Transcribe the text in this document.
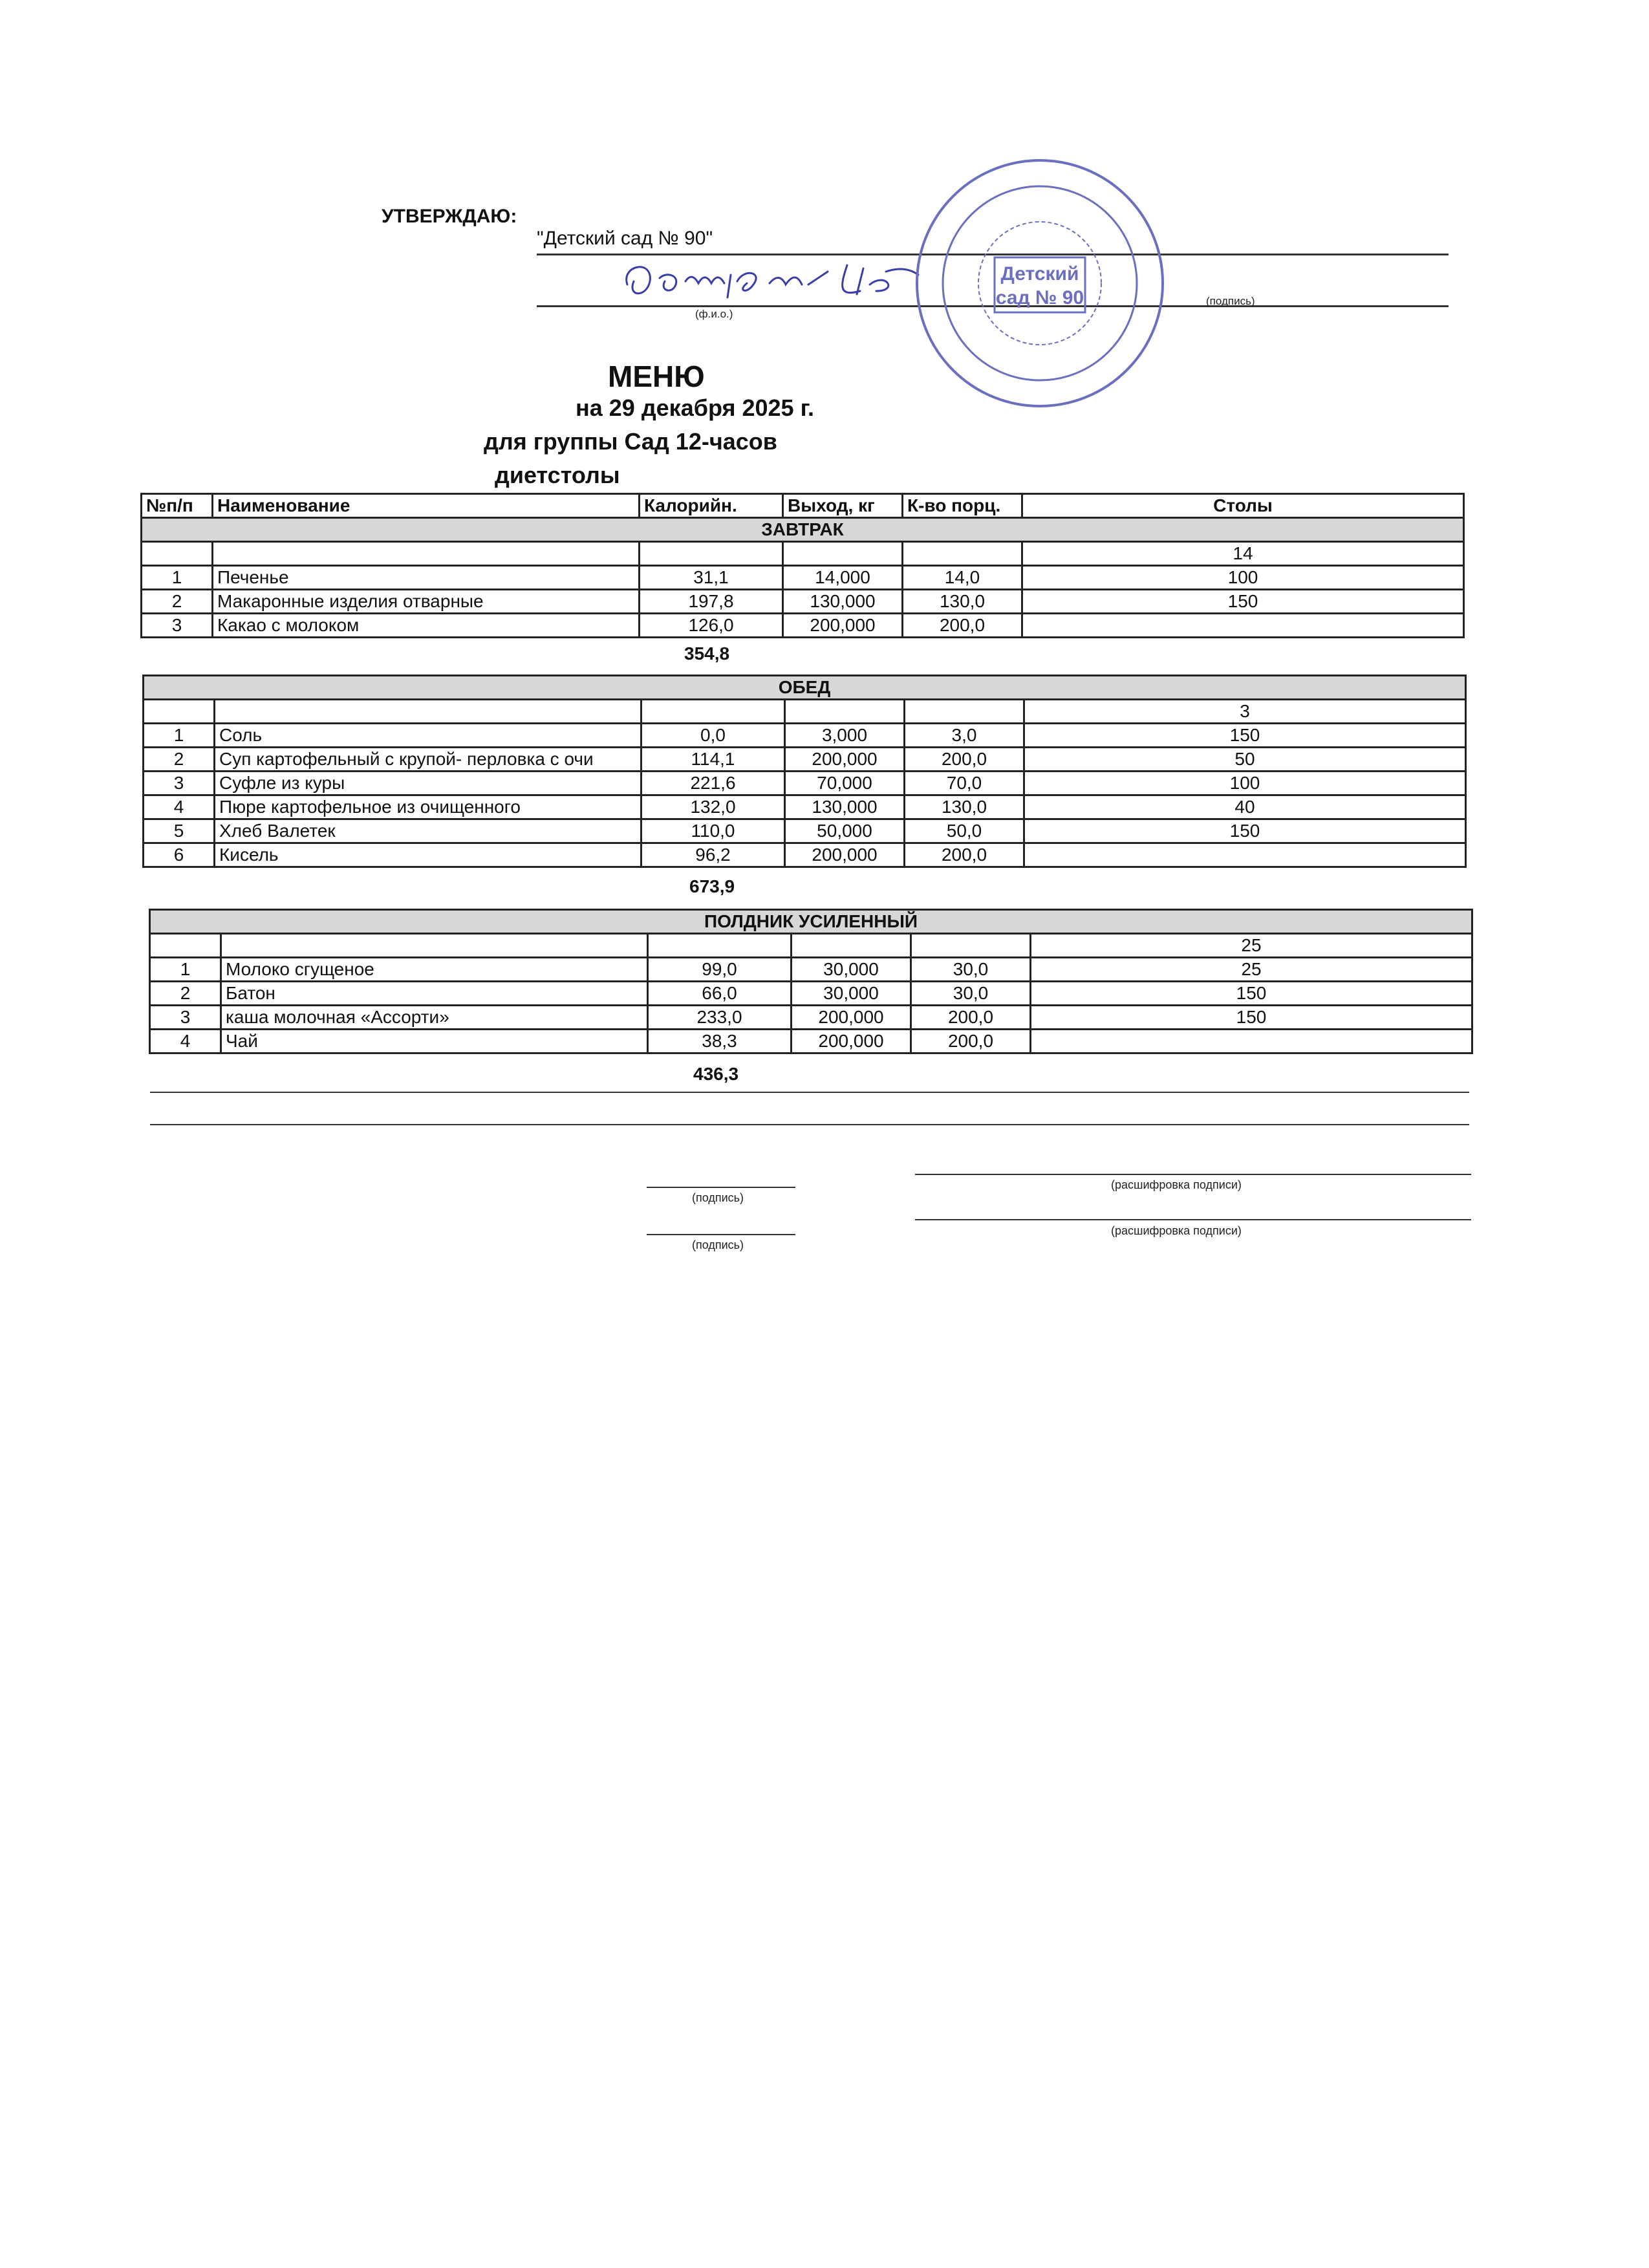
УТВЕРЖДАЮ:
"Детский сад № 90"
(ф.и.о.)
(подпись)
Детский
сад № 90
МЕНЮ
на 29 декабря 2025 г.
для группы Сад 12-часов
диетстолы
№п/п	Наименование	Калорийн.	Выход, кг	К-во порц.	Столы
ЗАВТРАК					
					14
1	Печенье	31,1	14,000	14,0	100
2	Макаронные изделия отварные	197,8	130,000	130,0	150
3	Какао с молоком	126,0	200,000	200,0	
354,8
ОБЕД					
					3
1	Соль	0,0	3,000	3,0	150
2	Суп картофельный с крупой- перловка с очи	114,1	200,000	200,0	50
3	Суфле из куры	221,6	70,000	70,0	100
4	Пюре картофельное из очищенного	132,0	130,000	130,0	40
5	Хлеб Валетек	110,0	50,000	50,0	150
6	Кисель	96,2	200,000	200,0	
673,9
ПОЛДНИК УСИЛЕННЫЙ					
					25
1	Молоко сгущеное	99,0	30,000	30,0	25
2	Батон	66,0	30,000	30,0	150
3	каша молочная «Ассорти»	233,0	200,000	200,0	150
4	Чай	38,3	200,000	200,0	
436,3
(подпись)
(расшифровка подписи)
(подпись)
(расшифровка подписи)
